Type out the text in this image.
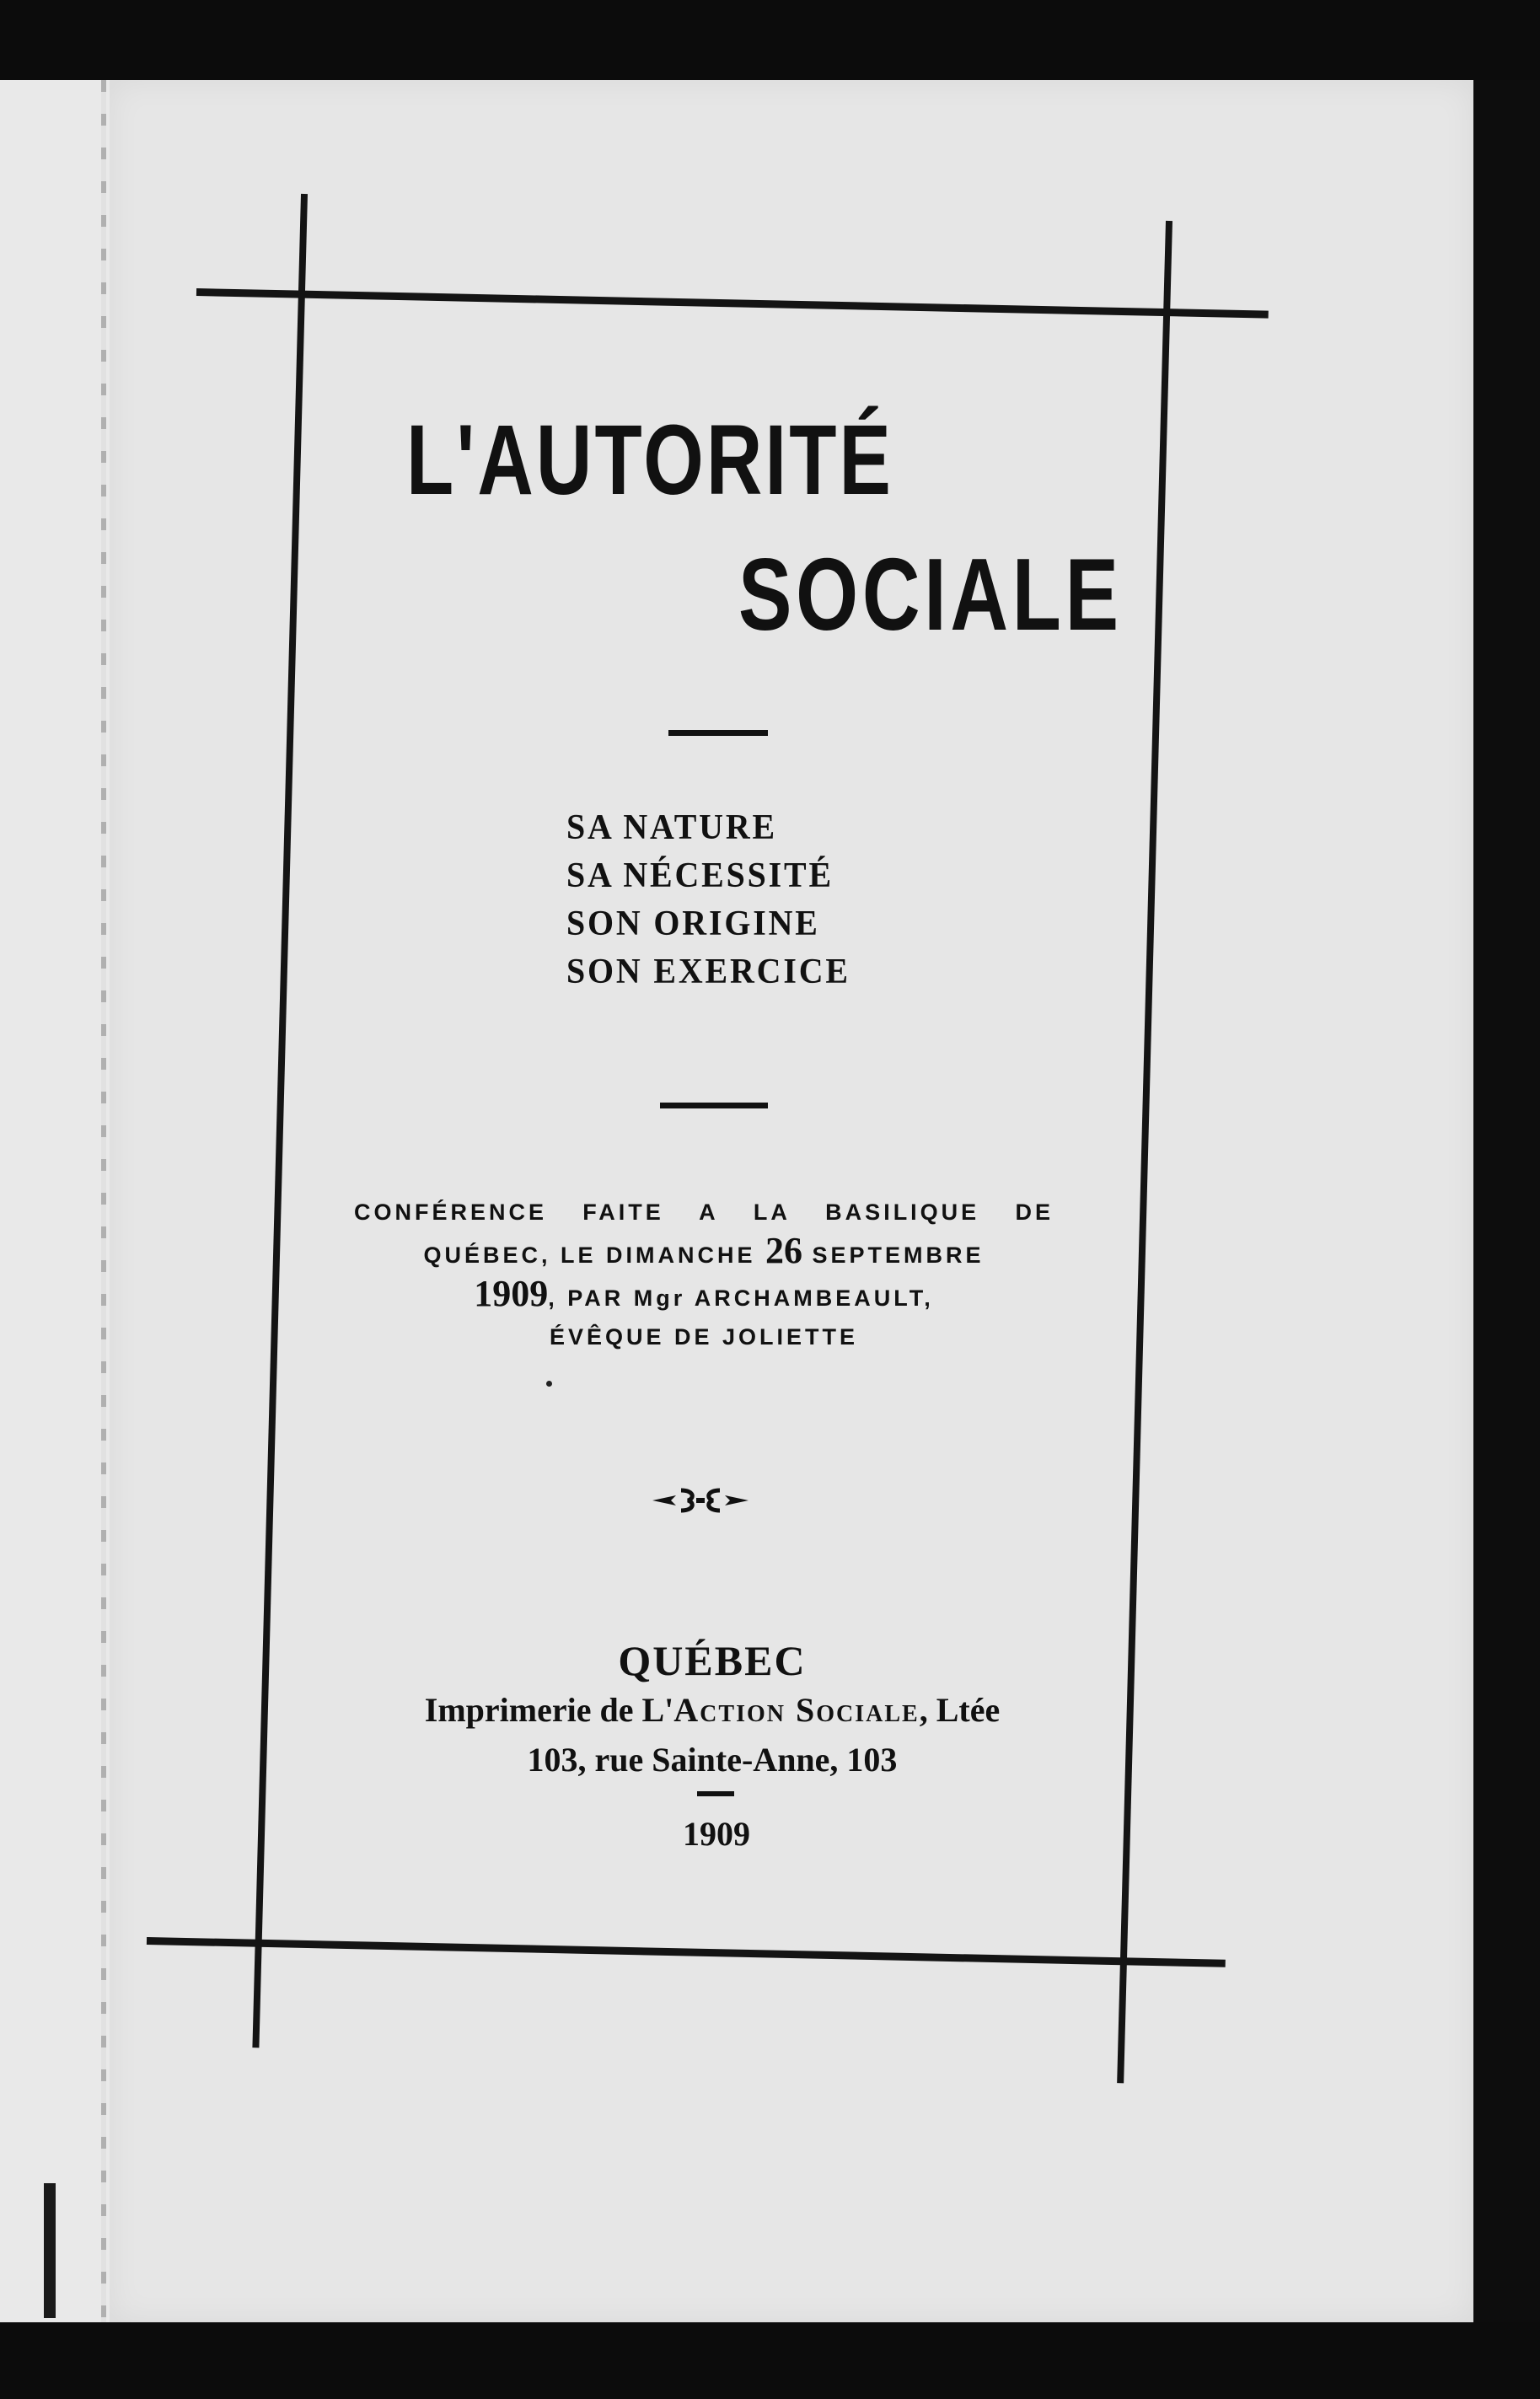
L'AUTORITÉ
SOCIALE
SA NATURE
SA NÉCESSITÉ
SON ORIGINE
SON EXERCICE
CONFÉRENCE FAITE A LA BASILIQUE DE
QUÉBEC, LE DIMANCHE 26 SEPTEMBRE
1909, PAR Mgr ARCHAMBEAULT,
ÉVÊQUE DE JOLIETTE
QUÉBEC
Imprimerie de L'Action Sociale, Ltée
103, rue Sainte-Anne, 103
1909
